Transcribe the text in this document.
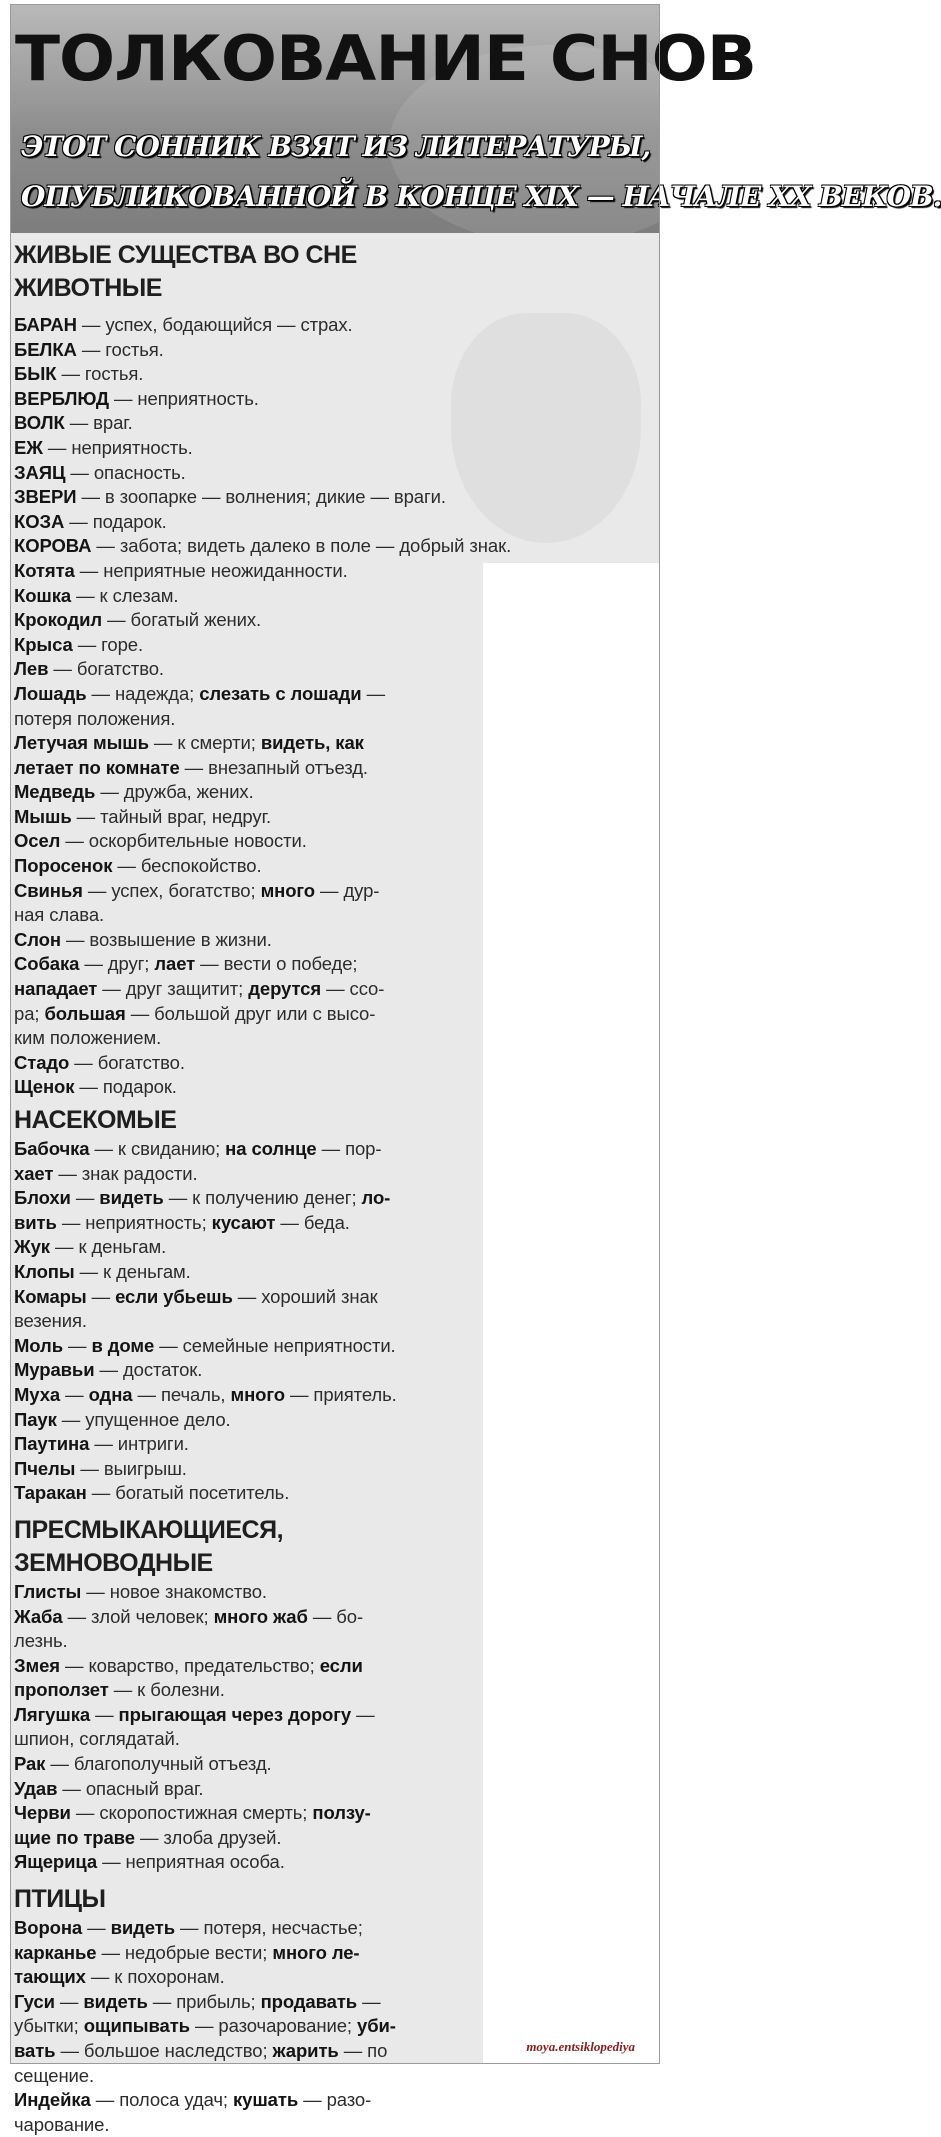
ТОЛКОВАНИЕ СНОВ
ЭТОТ СОННИК ВЗЯТ ИЗ ЛИТЕРАТУРЫ,
ОПУБЛИКОВАННОЙ В КОНЦЕ XIX — НАЧАЛЕ XX ВЕКОВ.
ЖИВЫЕ СУЩЕСТВА ВО СНЕ
ЖИВОТНЫЕ
БАРАН — успех, бодающийся — страх.
БЕЛКА — гостья.
БЫК — гостья.
ВЕРБЛЮД — неприятность.
ВОЛК — враг.
ЕЖ — неприятность.
ЗАЯЦ — опасность.
ЗВЕРИ — в зоопарке — волнения; дикие — враги.
КОЗА — подарок.
КОРОВА — забота; видеть далеко в поле — добрый знак.
Котята — неприятные неожиданности.
Кошка — к слезам.
Крокодил — богатый жених.
Крыса — горе.
Лев — богатство.
Лошадь — надежда; слезать с лошади —
потеря положения.
Летучая мышь — к смерти; видеть, как
летает по комнате — внезапный отъезд.
Медведь — дружба, жених.
Мышь — тайный враг, недруг.
Осел — оскорбительные новости.
Поросенок — беспокойство.
Свинья — успех, богатство; много — дур-
ная слава.
Слон — возвышение в жизни.
Собака — друг; лает — вести о победе;
нападает — друг защитит; дерутся — ссо-
ра; большая — большой друг или с высо-
ким положением.
Стадо — богатство.
Щенок — подарок.
НАСЕКОМЫЕ
Бабочка — к свиданию; на солнце — пор-
хает — знак радости.
Блохи — видеть — к получению денег; ло-
вить — неприятность; кусают — беда.
Жук — к деньгам.
Клопы — к деньгам.
Комары — если убьешь — хороший знак
везения.
Моль — в доме — семейные неприятности.
Муравьи — достаток.
Муха — одна — печаль, много — приятель.
Паук — упущенное дело.
Паутина — интриги.
Пчелы — выигрыш.
Таракан — богатый посетитель.
ПРЕСМЫКАЮЩИЕСЯ,
ЗЕМНОВОДНЫЕ
Глисты — новое знакомство.
Жаба — злой человек; много жаб — бо-
лезнь.
Змея — коварство, предательство; если
проползет — к болезни.
Лягушка — прыгающая через дорогу —
шпион, соглядатай.
Рак — благополучный отъезд.
Удав — опасный враг.
Черви — скоропостижная смерть; ползу-
щие по траве — злоба друзей.
Ящерица — неприятная особа.
ПТИЦЫ
Ворона — видеть — потеря, несчастье;
карканье — недобрые вести; много ле-
тающих — к похоронам.
Гуси — видеть — прибыль; продавать —
убытки; ощипывать — разочарование; уби-
вать — большое наследство; жарить — по
сещение.
Индейка — полоса удач; кушать — разо-
чарование.
moya.entsiklopediya
